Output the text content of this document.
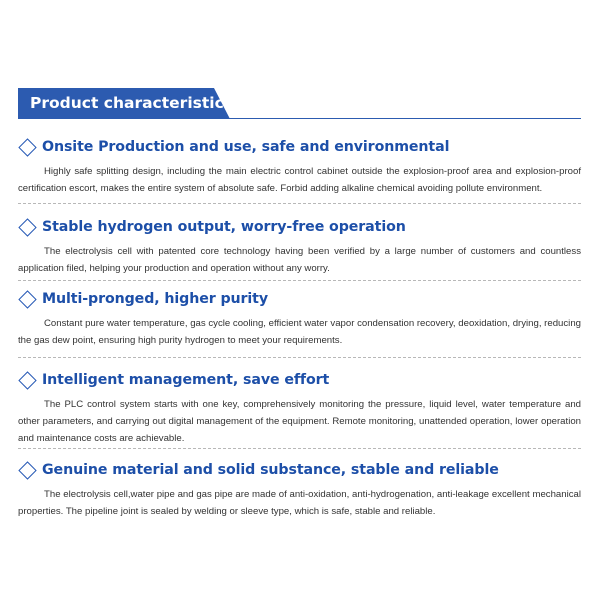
Product characteristics
Onsite Production and use, safe and environmental
Highly safe splitting design, including the main electric control cabinet outside the explosion-proof area and explosion-proof certification escort, makes the entire system of absolute safe. Forbid adding alkaline chemical avoiding pollute environment.
Stable hydrogen output, worry-free operation
The electrolysis cell with patented core technology having been verified by a large number of customers and countless application filed, helping your production and operation without any worry.
Multi-pronged, higher purity
Constant pure water temperature, gas cycle cooling, efficient water vapor condensation recovery, deoxidation, drying, reducing the gas dew point, ensuring high purity hydrogen to meet your requirements.
Intelligent management, save effort
The PLC control system starts with one key, comprehensively monitoring the pressure, liquid level, water temperature and other parameters, and carrying out digital management of the equipment. Remote monitoring, unattended operation, lower operation and maintenance costs are achievable.
Genuine material and solid substance, stable and reliable
The electrolysis cell,water pipe and gas pipe are made of anti-oxidation, anti-hydrogenation, anti-leakage excellent mechanical properties. The pipeline joint is sealed by welding or sleeve type, which is safe, stable and reliable.
